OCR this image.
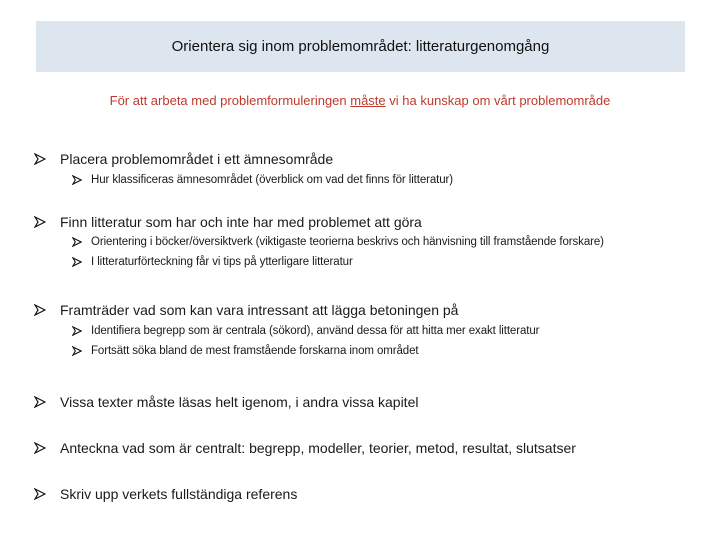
Orientera sig inom problemområdet: litteraturgenomgång
För att arbeta med problemformuleringen måste vi ha kunskap om vårt problemområde
Placera problemområdet i ett ämnesområde
Hur klassificeras ämnesområdet (överblick om vad det finns för litteratur)
Finn litteratur som har och inte har med problemet att göra
Orientering i böcker/översiktverk (viktigaste teorierna beskrivs och hänvisning till framstående forskare)
I litteraturförteckning får vi tips på ytterligare litteratur
Framträder vad som kan vara intressant att lägga betoningen på
Identifiera begrepp som är centrala (sökord), använd dessa för att hitta mer exakt litteratur
Fortsätt söka bland de mest framstående forskarna inom området
Vissa texter måste läsas helt igenom, i andra vissa kapitel
Anteckna vad som är centralt: begrepp, modeller, teorier, metod, resultat, slutsatser
Skriv upp verkets fullständiga referens
